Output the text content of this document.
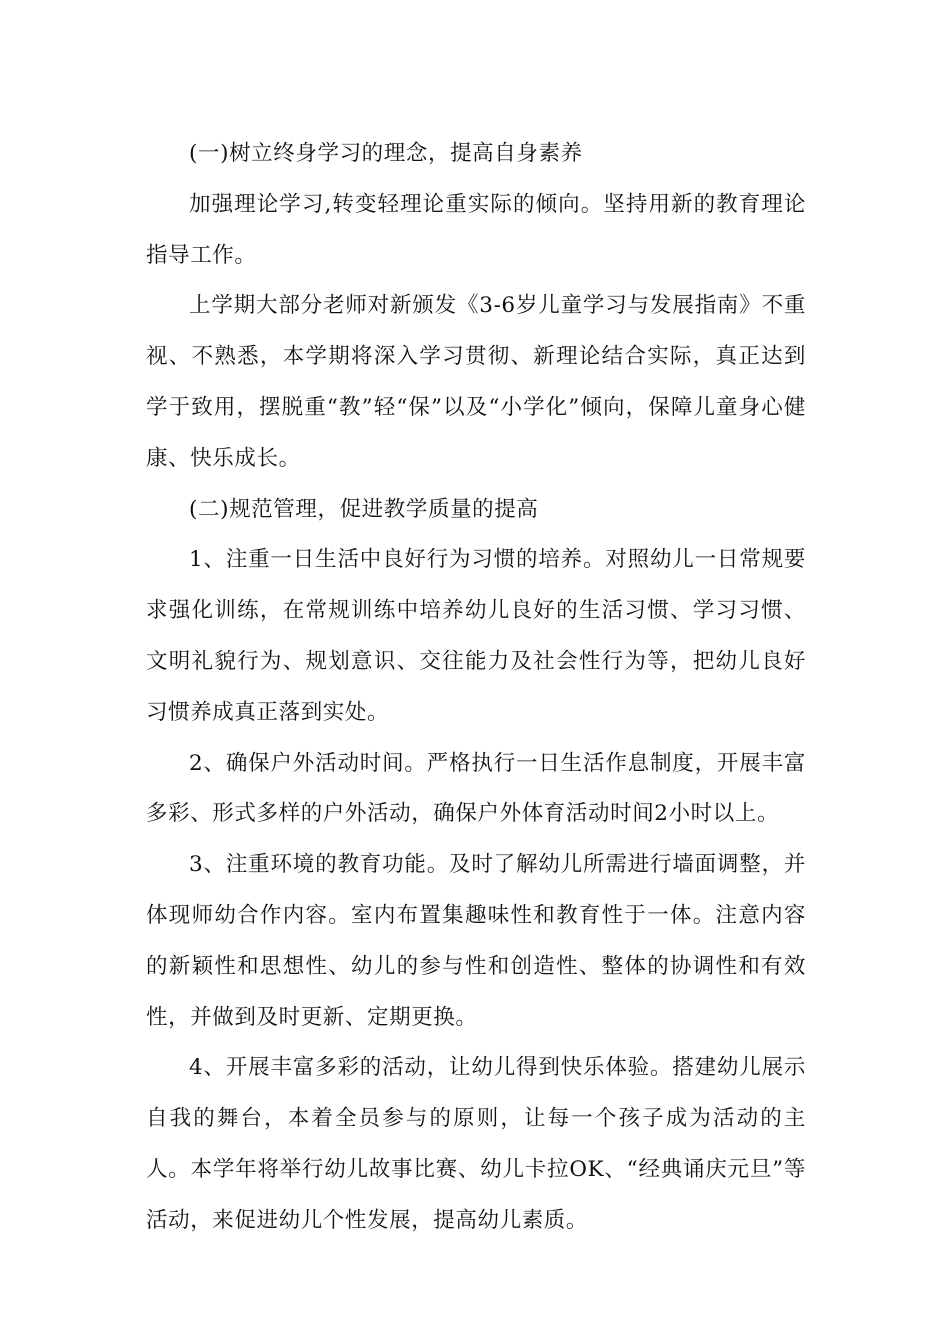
(一)树立终身学习的理念，提高自身素养

加强理论学习,转变轻理论重实际的倾向。坚持用新的教育理论指导工作。

上学期大部分老师对新颁发《3-6岁儿童学习与发展指南》不重视、不熟悉，本学期将深入学习贯彻、新理论结合实际，真正达到学于致用，摆脱重“教”轻“保”以及“小学化”倾向，保障儿童身心健康、快乐成长。

(二)规范管理，促进教学质量的提高

1、注重一日生活中良好行为习惯的培养。对照幼儿一日常规要求强化训练，在常规训练中培养幼儿良好的生活习惯、学习习惯、文明礼貌行为、规划意识、交往能力及社会性行为等，把幼儿良好习惯养成真正落到实处。

2、确保户外活动时间。严格执行一日生活作息制度，开展丰富多彩、形式多样的户外活动，确保户外体育活动时间2小时以上。

3、注重环境的教育功能。及时了解幼儿所需进行墙面调整，并体现师幼合作内容。室内布置集趣味性和教育性于一体。注意内容的新颖性和思想性、幼儿的参与性和创造性、整体的协调性和有效性，并做到及时更新、定期更换。

4、开展丰富多彩的活动，让幼儿得到快乐体验。搭建幼儿展示自我的舞台，本着全员参与的原则，让每一个孩子成为活动的主人。本学年将举行幼儿故事比赛、幼儿卡拉OK、“经典诵庆元旦”等活动，来促进幼儿个性发展，提高幼儿素质。
